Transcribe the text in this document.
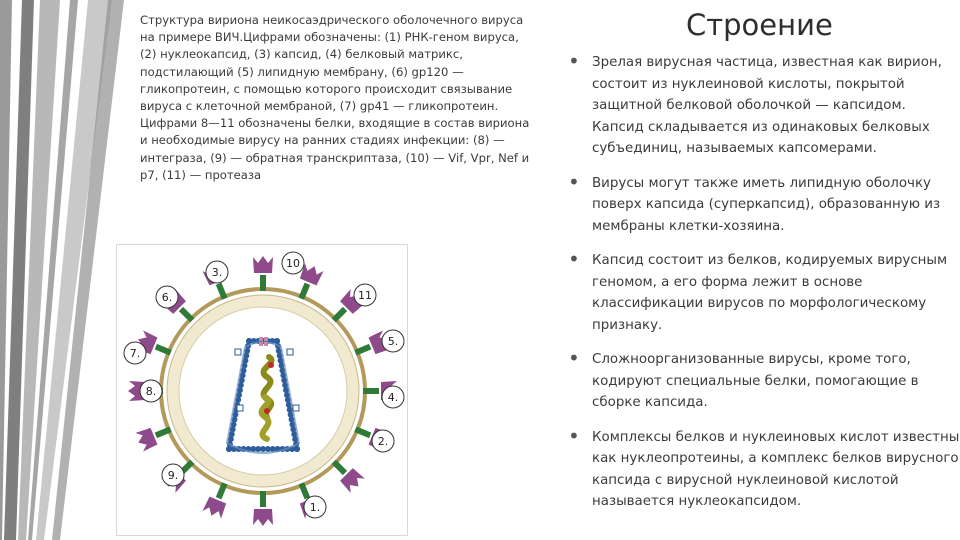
Структура вириона неикосаэдрического оболочечного вируса на примере ВИЧ.Цифрами обозначены: (1) РНК-геном вируса, (2) нуклеокапсид, (3) капсид, (4) белковый матрикс, подстилающий (5) липидную мембрану, (6) gp120 — гликопротеин, с помощью которого происходит связывание вируса с клеточной мембраной, (7) gp41 — гликопротеин.
Цифрами 8—11 обозначены белки, входящие в состав вириона и необходимые вирусу на ранних стадиях инфекции: (8) — интеграза, (9) — обратная транскриптаза, (10) — Vif, Vpr, Nef и p7, (11) — протеаза
Строение
• Зрелая вирусная частица, известная как вирион, состоит из нуклеиновой кислоты, покрытой защитной белковой оболочкой — капсидом. Капсид складывается из одинаковых белковых субъединиц, называемых капсомерами.
• Вирусы могут также иметь липидную оболочку поверх капсида (суперкапсид), образованную из мембраны клетки-хозяина.
• Капсид состоит из белков, кодируемых вирусным геномом, а его форма лежит в основе классификации вирусов по морфологическому признаку.
• Сложноорганизованные вирусы, кроме того, кодируют специальные белки, помогающие в сборке капсида.
• Комплексы белков и нуклеиновых кислот известны как нуклеопротеины, а комплекс белков вирусного капсида с вирусной нуклеиновой кислотой называется нуклеокапсидом.
1.
2.
3.
4.
5.
6.
7.
8.
9.
10
11
